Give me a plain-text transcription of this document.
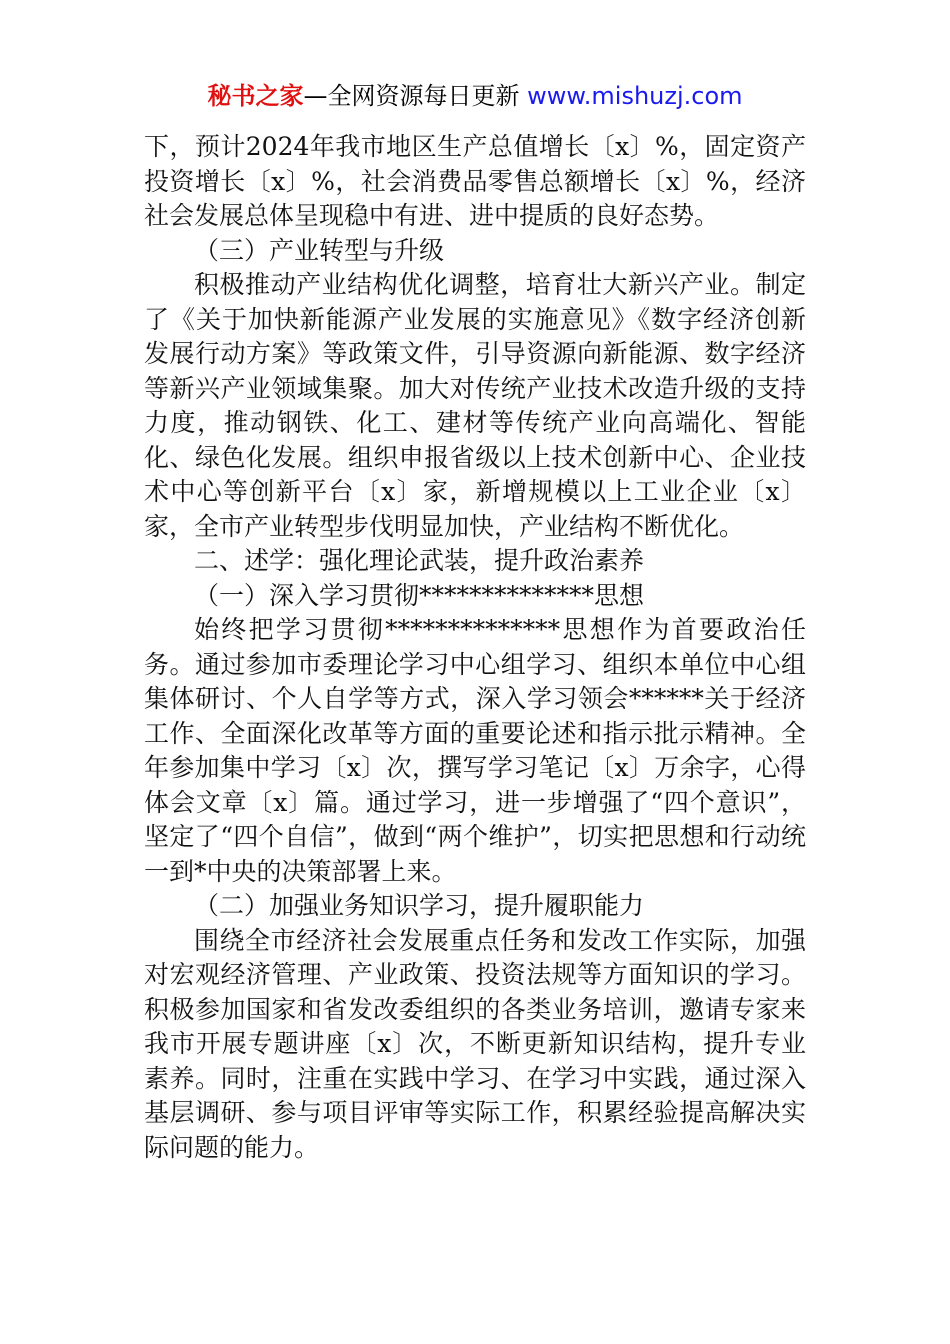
秘书之家—全网资源每日更新 www.mishuzj.com

下，预计2024年我市地区生产总值增长〔x〕%，固定资产投资增长〔x〕%，社会消费品零售总额增长〔x〕%，经济社会发展总体呈现稳中有进、进中提质的良好态势。

（三）产业转型与升级

积极推动产业结构优化调整，培育壮大新兴产业。制定了《关于加快新能源产业发展的实施意见》《数字经济创新发展行动方案》等政策文件，引导资源向新能源、数字经济等新兴产业领域集聚。加大对传统产业技术改造升级的支持力度，推动钢铁、化工、建材等传统产业向高端化、智能化、绿色化发展。组织申报省级以上技术创新中心、企业技术中心等创新平台〔x〕家，新增规模以上工业企业〔x〕家，全市产业转型步伐明显加快，产业结构不断优化。

二、述学：强化理论武装，提升政治素养

（一）深入学习贯彻**************思想

始终把学习贯彻**************思想作为首要政治任务。通过参加市委理论学习中心组学习、组织本单位中心组集体研讨、个人自学等方式，深入学习领会******关于经济工作、全面深化改革等方面的重要论述和指示批示精神。全年参加集中学习〔x〕次，撰写学习笔记〔x〕万余字，心得体会文章〔x〕篇。通过学习，进一步增强了“四个意识”，坚定了“四个自信”，做到“两个维护”，切实把思想和行动统一到*中央的决策部署上来。

（二）加强业务知识学习，提升履职能力

围绕全市经济社会发展重点任务和发改工作实际，加强对宏观经济管理、产业政策、投资法规等方面知识的学习。积极参加国家和省发改委组织的各类业务培训，邀请专家来我市开展专题讲座〔x〕次，不断更新知识结构，提升专业素养。同时，注重在实践中学习、在学习中实践，通过深入基层调研、参与项目评审等实际工作，积累经验提高解决实际问题的能力。
